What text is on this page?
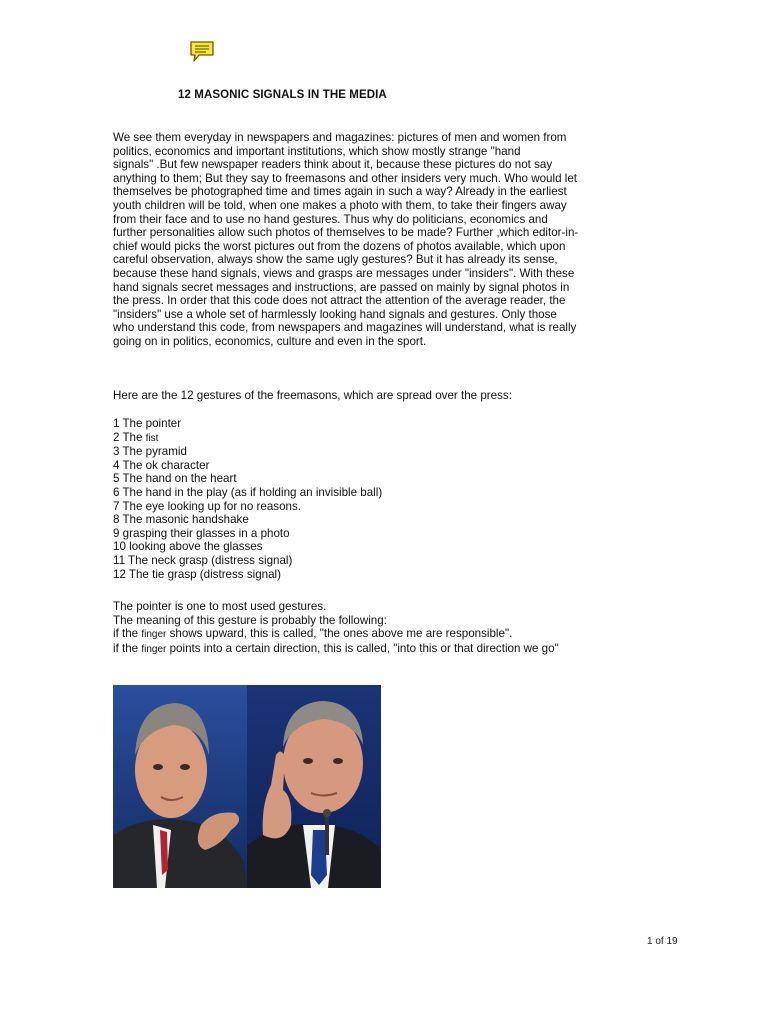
12 MASONIC SIGNALS IN THE MEDIA
We see them everyday in newspapers and magazines: pictures of men and women from
politics, economics and important institutions, which show mostly strange "hand
signals" .But few newspaper readers think about it, because these pictures do not say
anything to them; But they say to freemasons and other insiders very much. Who would let
themselves be photographed time and times again in such a way? Already in the earliest
youth children will be told, when one makes a photo with them, to take their fingers away
from their face and to use no hand gestures. Thus why do politicians, economics and
further personalities allow such photos of themselves to be made? Further ,which editor-in-
chief would picks the worst pictures out from the dozens of photos available, which upon
careful observation, always show the same ugly gestures? But it has already its sense,
because these hand signals, views and grasps are messages under "insiders". With these
hand signals secret messages and instructions, are passed on mainly by signal photos in
the press. In order that this code does not attract the attention of the average reader, the
"insiders" use a whole set of harmlessly looking hand signals and gestures. Only those
who understand this code, from newspapers and magazines will understand, what is really
going on in politics, economics, culture and even in the sport.
Here are the 12 gestures of the freemasons, which are spread over the press:
1 The pointer
2 The fist
3 The pyramid
4 The ok character
5 The hand on the heart
6 The hand in the play (as if holding an invisible ball)
7 The eye looking up for no reasons.
8 The masonic handshake
9 grasping their glasses in a photo
10 looking above the glasses
11 The neck grasp (distress signal)
12 The tie grasp (distress signal)
The pointer is one to most used gestures.
The meaning of this gesture is probably the following:
if the finger shows upward, this is called, "the ones above me are responsible".
if the finger points into a certain direction, this is called, "into this or that direction we go"
1 of 19
